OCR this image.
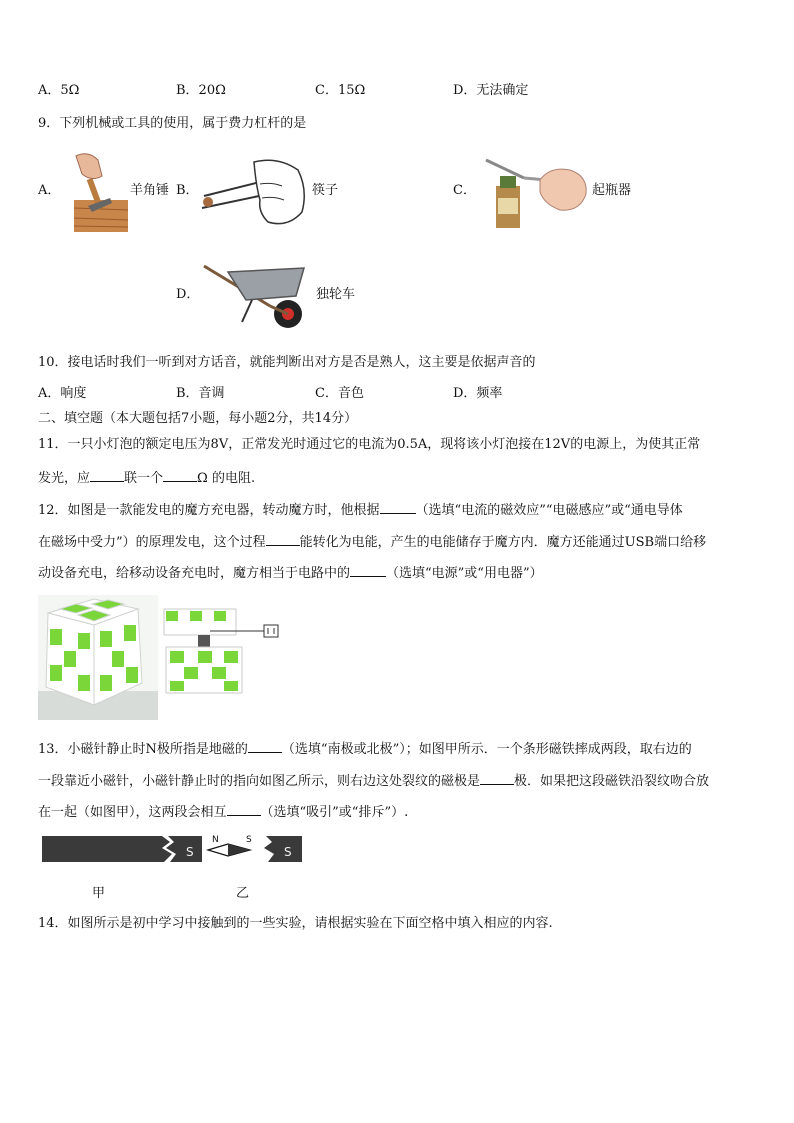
A．5Ω	B．20Ω	C．15Ω	D．无法确定
9．下列机械或工具的使用，属于费力杠杆的是
A．	羊角锤 B．	筷子	C．	起瓶器
D．	独轮车
10．接电话时我们一听到对方话音，就能判断出对方是否是熟人，这主要是依据声音的
A．响度	B．音调	C．音色	D．频率
二、填空题（本大题包括7小题，每小题2分，共14分）
11．一只小灯泡的额定电压为8V，正常发光时通过它的电流为0.5A，现将该小灯泡接在12V的电源上，为使其正常
发光，应	联一个	Ω 的电阻.
12．如图是一款能发电的魔方充电器，转动魔方时，他根据	（选填“电流的磁效应”“电磁感应”或“通电导体
在磁场中受力”）的原理发电，这个过程	能转化为电能，产生的电能储存于魔方内．魔方还能通过USB端口给移
动设备充电，给移动设备充电时，魔方相当于电路中的	（选填“电源”或“用电器”）
13．小磁针静止时N极所指是地磁的	（选填“南极或北极”）；如图甲所示．一个条形磁铁摔成两段，取右边的
一段靠近小磁针，小磁针静止时的指向如图乙所示，则右边这处裂纹的磁极是	极．如果把这段磁铁沿裂纹吻合放
在一起（如图甲），这两段会相互	（选填“吸引”或“排斥”）.
S
N	S
S
甲	乙
14．如图所示是初中学习中接触到的一些实验，请根据实验在下面空格中填入相应的内容.
